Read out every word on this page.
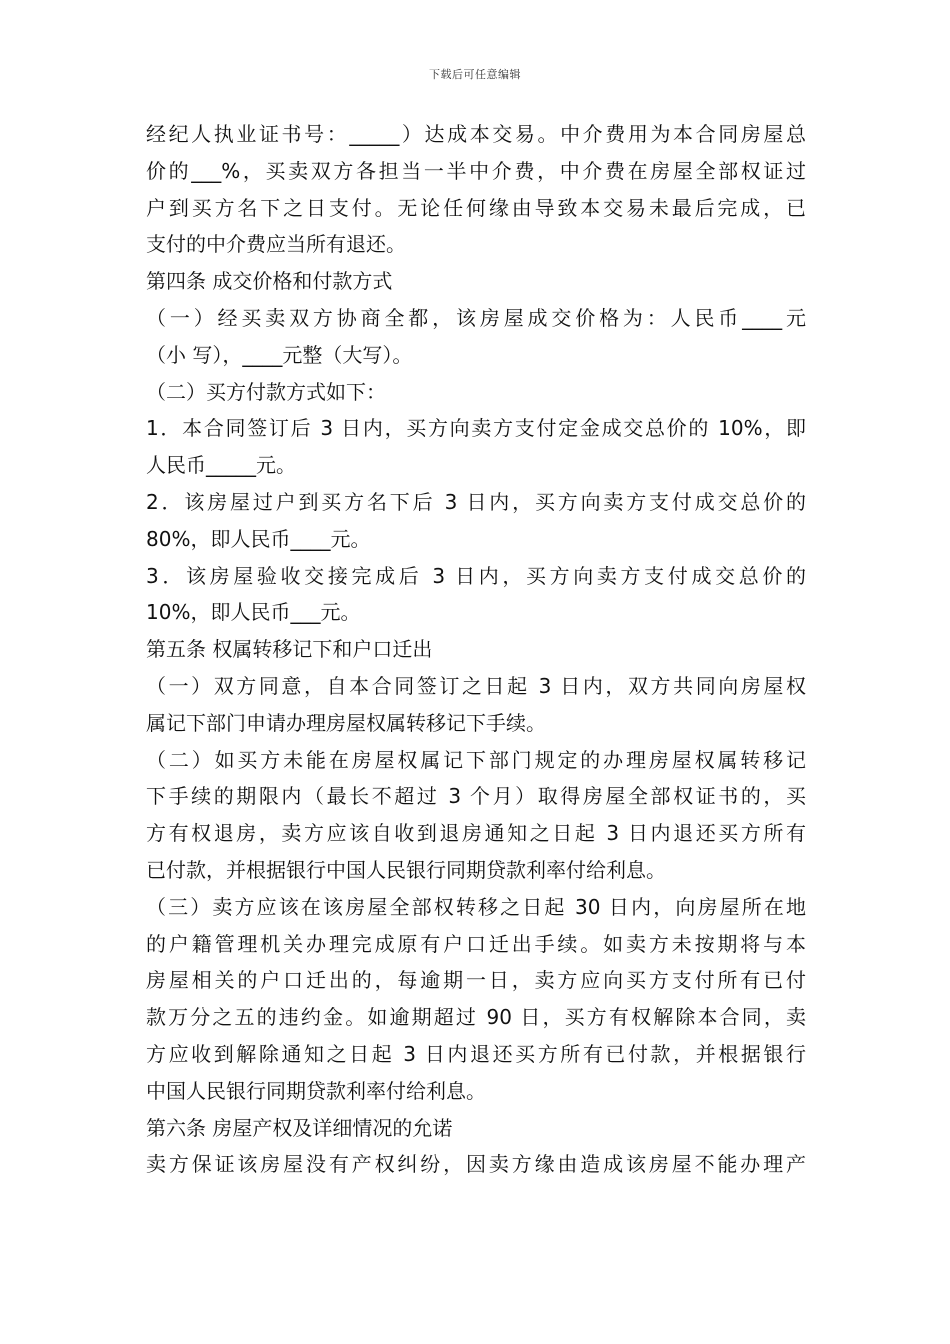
下载后可任意编辑
经纪人执业证书号：_____）达成本交易。中介费用为本合同房屋总
价的___%，买卖双方各担当一半中介费，中介费在房屋全部权证过
户到买方名下之日支付。无论任何缘由导致本交易未最后完成，已
支付的中介费应当所有退还。
第四条 成交价格和付款方式
（一）经买卖双方协商全都，该房屋成交价格为：人民币____元
（小 写），____元整（大写）。
（二）买方付款方式如下：
1．本合同签订后 3 日内，买方向卖方支付定金成交总价的 10%，即
人民币_____元。
2．该房屋过户到买方名下后 3 日内，买方向卖方支付成交总价的
80%，即人民币____元。
3．该房屋验收交接完成后 3 日内，买方向卖方支付成交总价的
10%，即人民币___元。
第五条 权属转移记下和户口迁出
（一）双方同意，自本合同签订之日起 3 日内，双方共同向房屋权
属记下部门申请办理房屋权属转移记下手续。
（二）如买方未能在房屋权属记下部门规定的办理房屋权属转移记
下手续的期限内（最长不超过 3 个月）取得房屋全部权证书的，买
方有权退房，卖方应该自收到退房通知之日起 3 日内退还买方所有
已付款，并根据银行中国人民银行同期贷款利率付给利息。
（三）卖方应该在该房屋全部权转移之日起 30 日内，向房屋所在地
的户籍管理机关办理完成原有户口迁出手续。如卖方未按期将与本
房屋相关的户口迁出的，每逾期一日，卖方应向买方支付所有已付
款万分之五的违约金。如逾期超过 90 日，买方有权解除本合同，卖
方应收到解除通知之日起 3 日内退还买方所有已付款，并根据银行
中国人民银行同期贷款利率付给利息。
第六条 房屋产权及详细情况的允诺
卖方保证该房屋没有产权纠纷，因卖方缘由造成该房屋不能办理产
